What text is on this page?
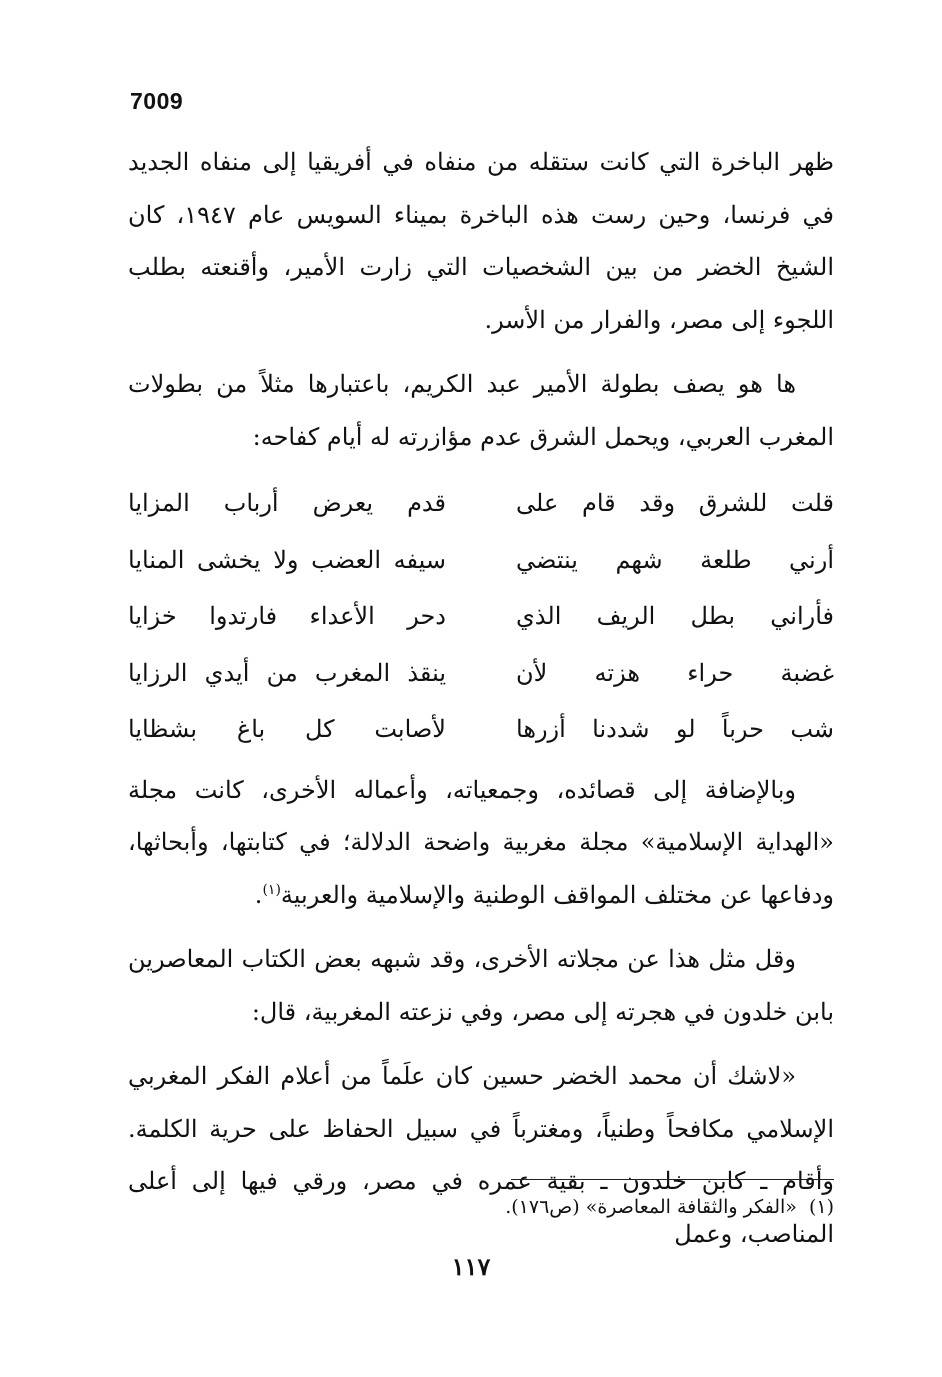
7009

ظهر الباخرة التي كانت ستقله من منفاه في أفريقيا إلى منفاه الجديد في فرنسا، وحين رست هذه الباخرة بميناء السويس عام ١٩٤٧، كان الشيخ الخضر من بين الشخصيات التي زارت الأمير، وأقنعته بطلب اللجوء إلى مصر، والفرار من الأسر.

ها هو يصف بطولة الأمير عبد الكريم، باعتبارها مثلاً من بطولات المغرب العربي، ويحمل الشرق عدم مؤازرته له أيام كفاحه:

قلت للشرق وقد قام على
قدم يعرض أرباب المزايا
أرني طلعة شهم ينتضي
سيفه العضب ولا يخشى المنايا
فأراني بطل الريف الذي
دحر الأعداء فارتدوا خزايا
غضبة حراء هزته لأن
ينقذ المغرب من أيدي الرزايا
شب حرباً لو شددنا أزرها
لأصابت كل باغ بشظايا

وبالإضافة إلى قصائده، وجمعياته، وأعماله الأخرى، كانت مجلة «الهداية الإسلامية» مجلة مغربية واضحة الدلالة؛ في كتابتها، وأبحاثها، ودفاعها عن مختلف المواقف الوطنية والإسلامية والعربية$^{(١)}$.

وقل مثل هذا عن مجلاته الأخرى، وقد شبهه بعض الكتاب المعاصرين بابن خلدون في هجرته إلى مصر، وفي نزعته المغربية، قال:

«لاشك أن محمد الخضر حسين كان علَماً من أعلام الفكر المغربي الإسلامي مكافحاً وطنياً، ومغترباً في سبيل الحفاظ على حرية الكلمة. وأقام ـ كابن خلدون ـ بقية عمره في مصر، ورقي فيها إلى أعلى المناصب، وعمل

(١)«الفكر والثقافة المعاصرة» (ص١٧٦).
١١٧
